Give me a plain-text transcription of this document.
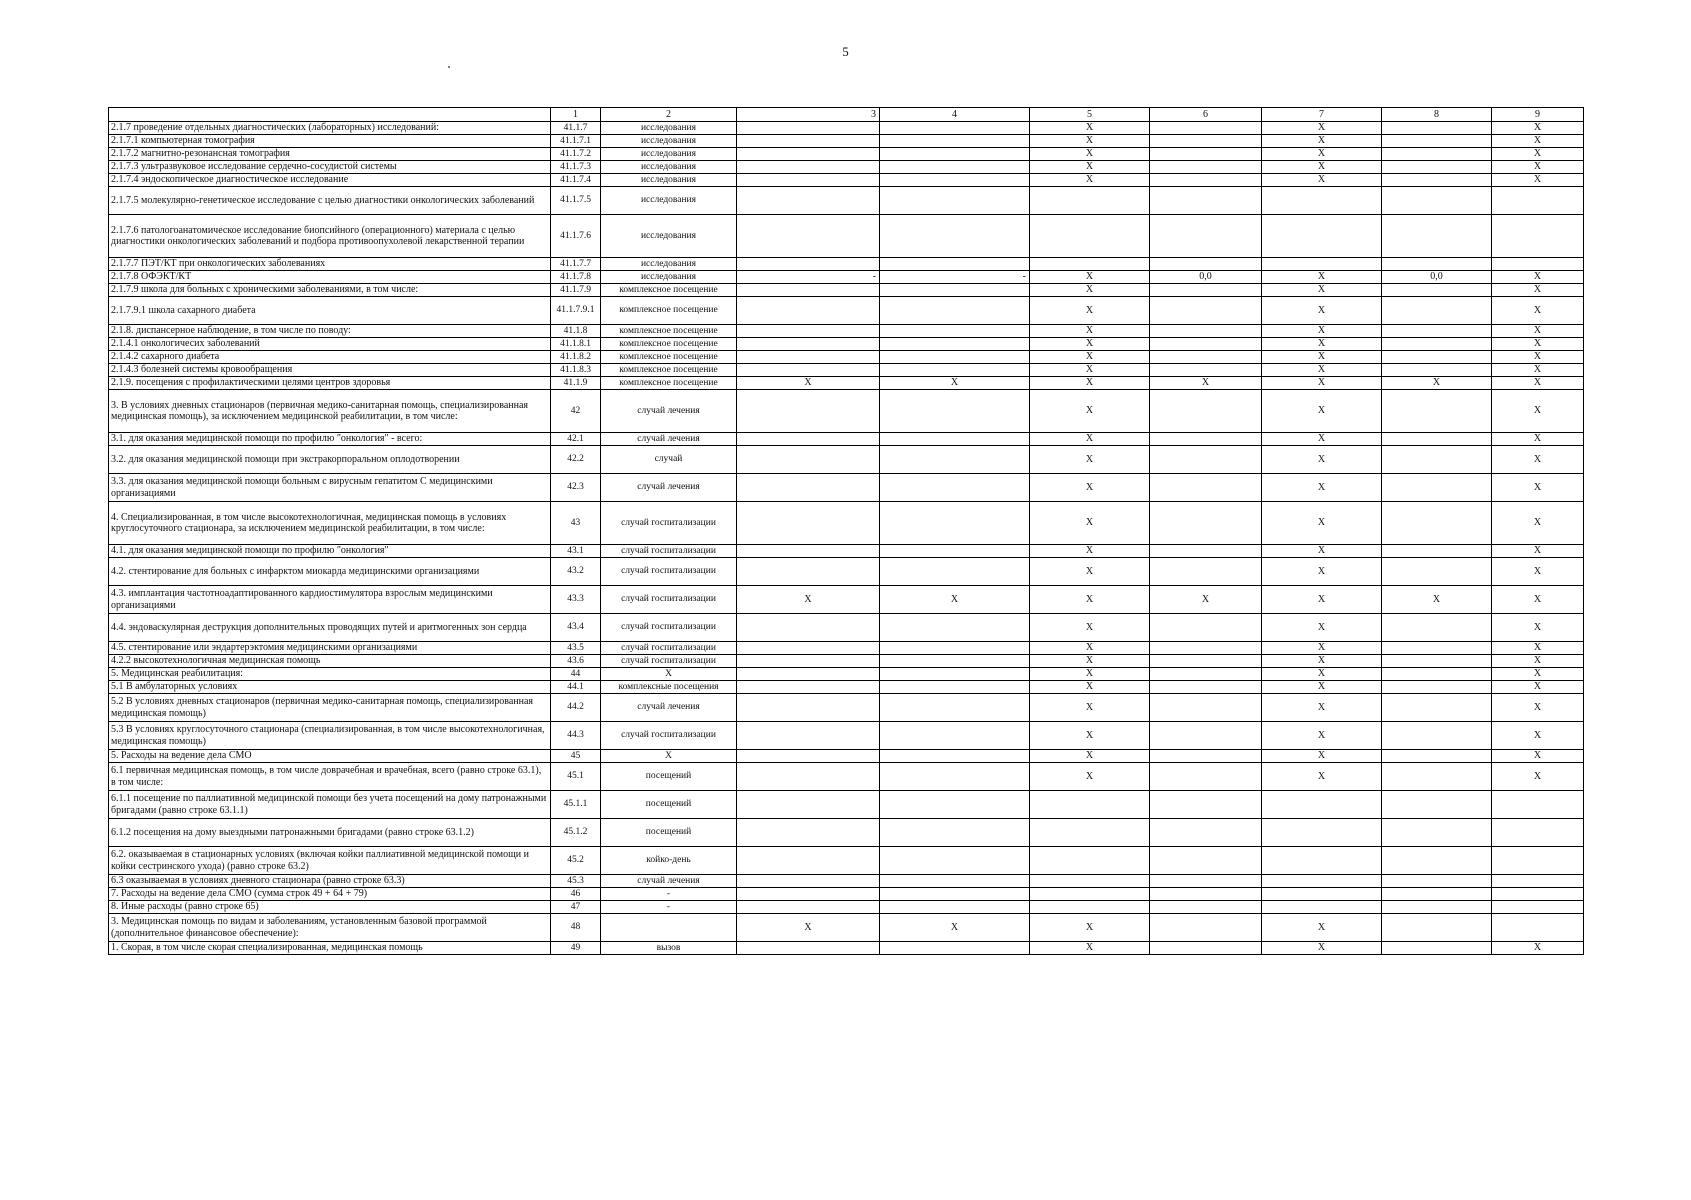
5
	1	2	3	4	5	6	7	8	9
2.1.7 проведение отдельных диагностических (лабораторных) исследований:	41.1.7	исследования			X		X		X
2.1.7.1 компьютерная томография	41.1.7.1	исследования			X		X		X
2.1.7.2 магнитно-резонансная томография	41.1.7.2	исследования			X		X		X
2.1.7.3 ультразвуковое исследование сердечно-сосудистой системы	41.1.7.3	исследования			X		X		X
2.1.7.4 эндоскопическое диагностическое исследование	41.1.7.4	исследования			X		X		X
2.1.7.5 молекулярно-генетическое исследование с целью диагностики онкологических заболеваний	41.1.7.5	исследования							
2.1.7.6 патологоанатомическое исследование биопсийного (операционного) материала с целью диагностики онкологических заболеваний и подбора противоопухолевой лекарственной терапии	41.1.7.6	исследования							
2.1.7.7 ПЭТ/КТ при онкологических заболеваниях	41.1.7.7	исследования							
2.1.7.8 ОФЭКТ/КТ	41.1.7.8	исследования	-	-	X	0,0	X	0,0	X
2.1.7.9 школа для больных с хроническими заболеваниями, в том числе:	41.1.7.9	комплексное посещение			X		X		X
2.1.7.9.1 школа сахарного диабета	41.1.7.9.1	комплексное посещение			X		X		X
2.1.8. диспансерное наблюдение, в том числе по поводу:	41.1.8	комплексное посещение			X		X		X
2.1.4.1 онкологичесих заболеваний	41.1.8.1	комплексное посещение			X		X		X
2.1.4.2 сахарного диабета	41.1.8.2	комплексное посещение			X		X		X
2.1.4.3 болезней системы кровообращения	41.1.8.3	комплексное посещение			X		X		X
2.1.9. посещения с профилактическими целями центров здоровья	41.1.9	комплексное посещение	X	X	X	X	X	X	X
3. В условиях дневных стационаров (первичная медико-санитарная помощь, специализированная медицинская помощь), за исключением медицинской реабилитации, в том числе:	42	случай лечения			X		X		X
3.1. для оказания медицинской помощи по профилю "онкология" - всего:	42.1	случай лечения			X		X		X
3.2. для оказания медицинской помощи при экстракорпоральном оплодотворении	42.2	случай			X		X		X
3.3. для оказания медицинской помощи больным с вирусным гепатитом С медицинскими организациями	42.3	случай лечения			X		X		X
4. Специализированная, в том числе высокотехнологичная, медицинская помощь в условиях круглосуточного стационара, за исключением медицинской реабилитации, в том числе:	43	случай госпитализации			X		X		X
4.1. для оказания медицинской помощи по профилю "онкология"	43.1	случай госпитализации			X		X		X
4.2. стентирование для больных с инфарктом миокарда медицинскими организациями	43.2	случай госпитализации			X		X		X
4.3. имплантация частотноадаптированного кардиостимулятора взрослым медицинскими организациями	43.3	случай госпитализации	X	X	X	X	X	X	X
4.4. эндоваскулярная деструкция дополнительных проводящих путей и аритмогенных зон сердца	43.4	случай госпитализации			X		X		X
4.5. стентирование или эндартерэктомия медицинскими организациями	43.5	случай госпитализации			X		X		X
4.2.2 высокотехнологичная медицинская помощь	43.6	случай госпитализации			X		X		X
5. Медицинская реабилитация:	44	X			X		X		X
5.1 В амбулаторных условиях	44.1	комплексные посещения			X		X		X
5.2 В условиях дневных стационаров (первичная медико-санитарная помощь, специализированная медицинская помощь)	44.2	случай лечения			X		X		X
5.3 В условиях круглосуточного стационара (специализированная, в том числе высокотехнологичная, медицинская помощь)	44.3	случай госпитализации			X		X		X
5. Расходы на ведение дела СМО	45	X			X		X		X
6.1 первичная медицинская помощь, в том числе доврачебная и врачебная, всего (равно строке 63.1), в том числе:	45.1	посещений			X		X		X
6.1.1 посещение по паллиативной медицинской помощи без учета посещений на дому патронажными бригадами (равно строке 63.1.1)	45.1.1	посещений							
6.1.2 посещения на дому выездными патронажными бригадами (равно строке 63.1.2)	45.1.2	посещений							
6.2. оказываемая в стационарных условиях (включая койки паллиативной медицинской помощи и койки сестринского ухода) (равно строке 63.2)	45.2	койко-день							
6.3 оказываемая в условиях дневного стационара (равно строке 63.3)	45.3	случай лечения							
7. Расходы на ведение дела СМО (сумма строк 49 + 64 + 79)	46	-							
8. Иные расходы (равно строке 65)	47	-							
3. Медицинская помощь по видам и заболеваниям, установленным базовой программой (дополнительное финансовое обеспечение):	48		X	X	X		X		
1. Скорая, в том числе скорая специализированная, медицинская помощь	49	вызов			X		X		X
